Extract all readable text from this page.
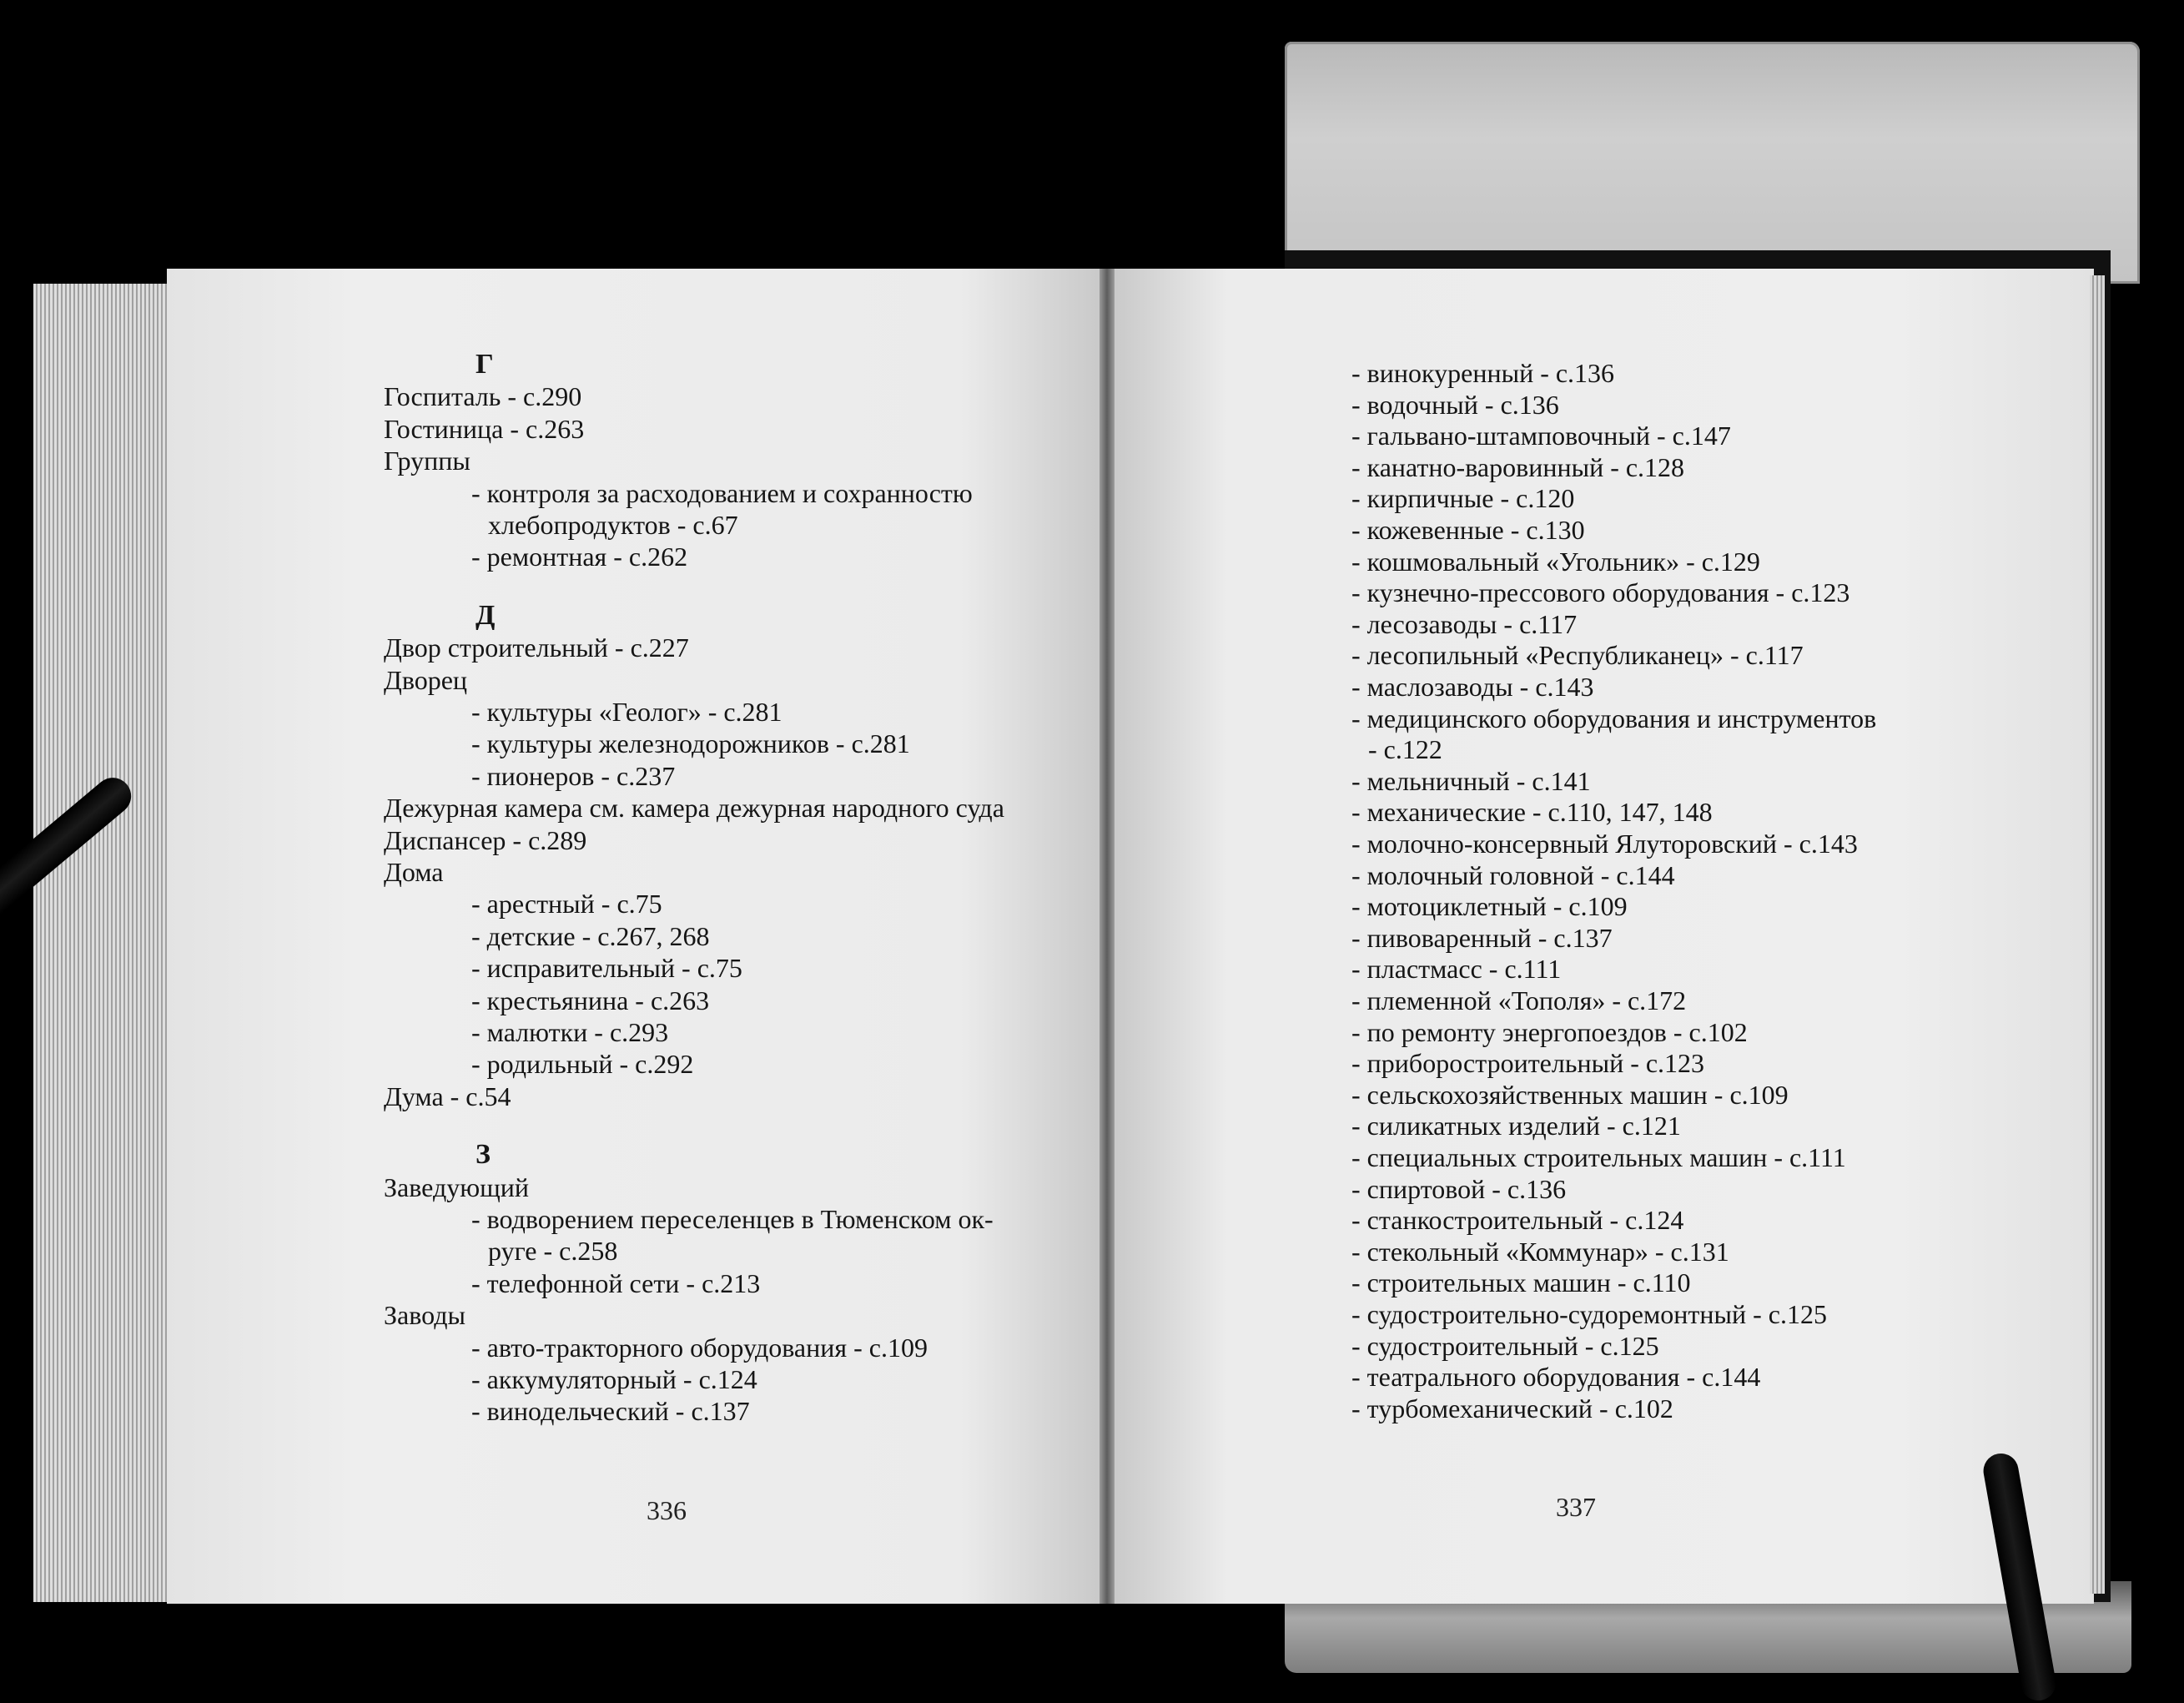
Г
Госпиталь - с.290
Гостиница - с.263
Группы
- контроля за расходованием и сохранностю
хлебопродуктов - с.67
- ремонтная - с.262
Д
Двор строительный - с.227
Дворец
- культуры «Геолог» - с.281
- культуры железнодорожников - с.281
- пионеров - с.237
Дежурная камера см. камера дежурная народного суда
Диспансер - с.289
Дома
- арестный - с.75
- детские - с.267, 268
- исправительный - с.75
- крестьянина - с.263
- малютки - с.293
- родильный - с.292
Дума - с.54
З
Заведующий
- водворением переселенцев в Тюменском ок-
руге - с.258
- телефонной сети - с.213
Заводы
- авто-тракторного оборудования - с.109
- аккумуляторный - с.124
- винодельческий - с.137
- винокуренный - с.136
- водочный - с.136
- гальвано-штамповочный - с.147
- канатно-варовинный - с.128
- кирпичные - с.120
- кожевенные - с.130
- кошмовальный «Угольник» - с.129
- кузнечно-прессового оборудования - с.123
- лесозаводы - с.117
- лесопильный «Республиканец» - с.117
- маслозаводы - с.143
- медицинского оборудования и инструментов
- с.122
- мельничный - с.141
- механические - с.110, 147, 148
- молочно-консервный Ялуторовский - с.143
- молочный головной - с.144
- мотоциклетный - с.109
- пивоваренный - с.137
- пластмасс - с.111
- племенной «Тополя» - с.172
- по ремонту энергопоездов - с.102
- приборостроительный - с.123
- сельскохозяйственных машин - с.109
- силикатных изделий - с.121
- специальных строительных машин - с.111
- спиртовой - с.136
- станкостроительный - с.124
- стекольный «Коммунар» - с.131
- строительных машин - с.110
- судостроительно-судоремонтный - с.125
- судостроительный - с.125
- театрального оборудования - с.144
- турбомеханический - с.102
336	337
